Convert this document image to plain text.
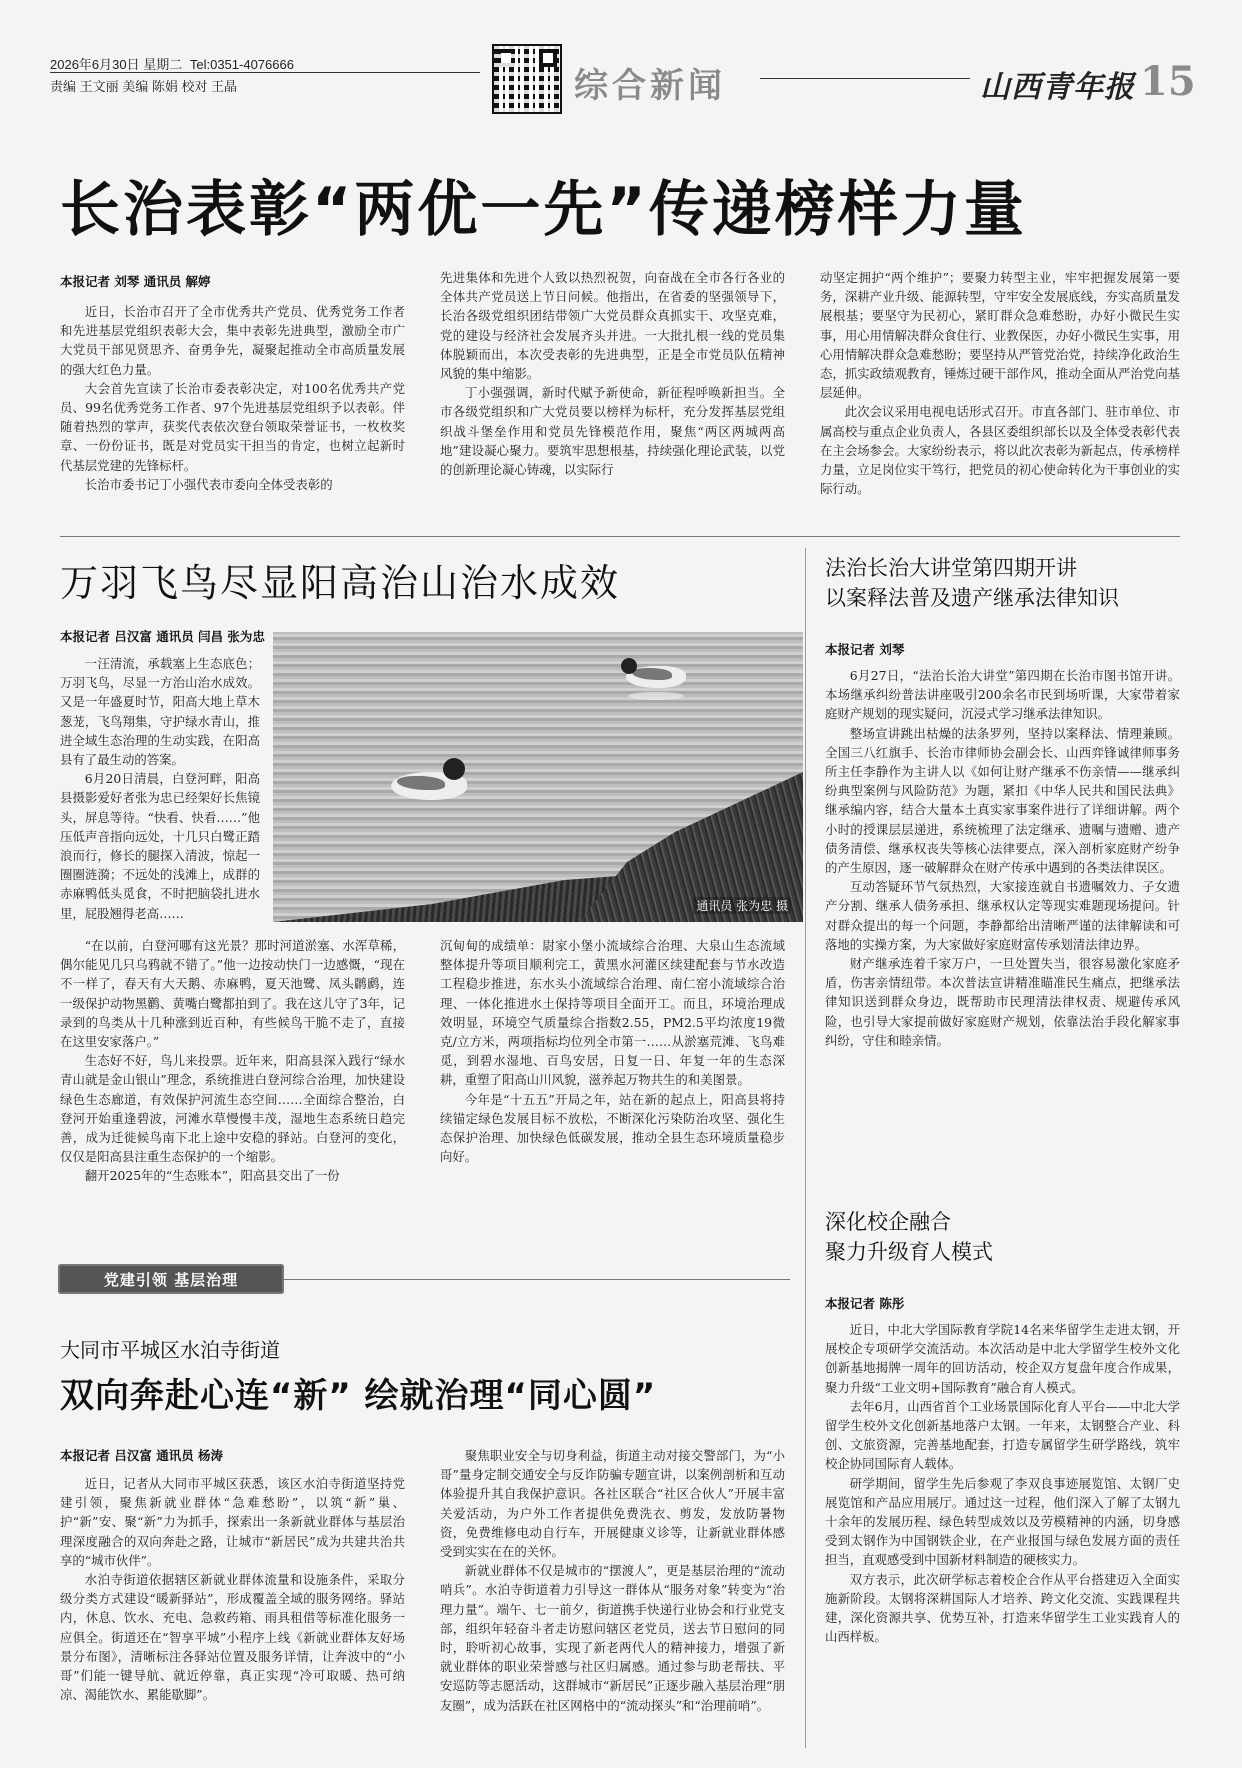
2026年6月30日 星期二 Tel:0351-4076666
责编 王文丽 美编 陈娟 校对 王晶	综合新闻	山西青年报 15
长治表彰“两优一先”传递榜样力量
本报记者 刘琴 通讯员 解婷

近日，长治市召开了全市优秀共产党员、优秀党务工作者和先进基层党组织表彰大会，集中表彰先进典型，激励全市广大党员干部见贤思齐、奋勇争先，凝聚起推动全市高质量发展的强大红色力量。

大会首先宣读了长治市委表彰决定，对100名优秀共产党员、99名优秀党务工作者、97个先进基层党组织予以表彰。伴随着热烈的掌声，获奖代表依次登台领取荣誉证书，一枚枚奖章、一份份证书，既是对党员实干担当的肯定，也树立起新时代基层党建的先锋标杆。

长治市委书记丁小强代表市委向全体受表彰的

先进集体和先进个人致以热烈祝贺，向奋战在全市各行各业的全体共产党员送上节日问候。他指出，在省委的坚强领导下，长治各级党组织团结带领广大党员群众真抓实干、攻坚克难，党的建设与经济社会发展齐头并进。一大批扎根一线的党员集体脱颖而出，本次受表彰的先进典型，正是全市党员队伍精神风貌的集中缩影。

丁小强强调，新时代赋予新使命，新征程呼唤新担当。全市各级党组织和广大党员要以榜样为标杆，充分发挥基层党组织战斗堡垒作用和党员先锋模范作用，聚焦“两区两城两高地”建设凝心聚力。要筑牢思想根基，持续强化理论武装，以党的创新理论凝心铸魂，以实际行

动坚定拥护“两个维护”；要聚力转型主业，牢牢把握发展第一要务，深耕产业升级、能源转型，守牢安全发展底线，夯实高质量发展根基；要坚守为民初心，紧盯群众急难愁盼，办好小微民生实事，用心用情解决群众食住行、业教保医，办好小微民生实事，用心用情解决群众急难愁盼；要坚持从严管党治党，持续净化政治生态，抓实政绩观教育，锤炼过硬干部作风，推动全面从严治党向基层延伸。

此次会议采用电视电话形式召开。市直各部门、驻市单位、市属高校与重点企业负责人，各县区委组织部长以及全体受表彰代表在主会场参会。大家纷纷表示，将以此次表彰为新起点，传承榜样力量，立足岗位实干笃行，把党员的初心使命转化为干事创业的实际行动。

万羽飞鸟尽显阳高治山治水成效
本报记者 吕汉富 通讯员 闫昌 张为忠

一汪清流，承载塞上生态底色；万羽飞鸟，尽显一方治山治水成效。又是一年盛夏时节，阳高大地上草木葱茏，飞鸟翔集，守护绿水青山，推进全域生态治理的生动实践，在阳高县有了最生动的答案。

6月20日清晨，白登河畔，阳高县摄影爱好者张为忠已经架好长焦镜头，屏息等待。“快看、快看……”他压低声音指向远处，十几只白鹭正踏浪而行，修长的腿探入清波，惊起一圈圈涟漪；不远处的浅滩上，成群的赤麻鸭低头觅食，不时把脑袋扎进水里，屁股翘得老高……	通讯员 张为忠 摄

“在以前，白登河哪有这光景？那时河道淤塞、水浑草稀，偶尔能见几只乌鸦就不错了。”他一边按动快门一边感慨，“现在不一样了，春天有大天鹅、赤麻鸭，夏天池鹭、凤头䴙䴘，连一级保护动物黑鹳、黄嘴白鹭都拍到了。我在这儿守了3年，记录到的鸟类从十几种涨到近百种，有些候鸟干脆不走了，直接在这里安家落户。”

生态好不好，鸟儿来投票。近年来，阳高县深入践行“绿水青山就是金山银山”理念，系统推进白登河综合治理，加快建设绿色生态廊道，有效保护河流生态空间……全面综合整治，白登河开始重逢碧波，河滩水草慢慢丰茂，湿地生态系统日趋完善，成为迁徙候鸟南下北上途中安稳的驿站。白登河的变化，仅仅是阳高县注重生态保护的一个缩影。

翻开2025年的“生态账本”，阳高县交出了一份

沉甸甸的成绩单：尉家小堡小流域综合治理、大泉山生态流域整体提升等项目顺利完工，黄黑水河灌区续建配套与节水改造工程稳步推进，东水头小流域综合治理、南仁窑小流域综合治理、一体化推进水土保持等项目全面开工。而且，环境治理成效明显，环境空气质量综合指数2.55，PM2.5平均浓度19微克/立方米，两项指标均位列全市第一……从淤塞荒滩、飞鸟难觅，到碧水湿地、百鸟安居，日复一日、年复一年的生态深耕，重塑了阳高山川风貌，滋养起万物共生的和美图景。

今年是“十五五”开局之年，站在新的起点上，阳高县将持续锚定绿色发展目标不放松，不断深化污染防治攻坚、强化生态保护治理、加快绿色低碳发展，推动全县生态环境质量稳步向好。

法治长治大讲堂第四期开讲
以案释法普及遗产继承法律知识
本报记者 刘琴

6月27日，“法治长治大讲堂”第四期在长治市图书馆开讲。本场继承纠纷普法讲座吸引200余名市民到场听课，大家带着家庭财产规划的现实疑问，沉浸式学习继承法律知识。

整场宣讲跳出枯燥的法条罗列，坚持以案释法、情理兼顾。全国三八红旗手、长治市律师协会副会长、山西弈锋诚律师事务所主任李静作为主讲人以《如何让财产继承不伤亲情——继承纠纷典型案例与风险防范》为题，紧扣《中华人民共和国民法典》继承编内容，结合大量本土真实家事案件进行了详细讲解。两个小时的授课层层递进，系统梳理了法定继承、遗嘱与遗赠、遗产债务清偿、继承权丧失等核心法律要点，深入剖析家庭财产纷争的产生原因，逐一破解群众在财产传承中遇到的各类法律误区。

互动答疑环节气氛热烈，大家接连就自书遗嘱效力、子女遗产分割、继承人债务承担、继承权认定等现实难题现场提问。针对群众提出的每一个问题，李静都给出清晰严谨的法律解读和可落地的实操方案，为大家做好家庭财富传承划清法律边界。

财产继承连着千家万户，一旦处置失当，很容易激化家庭矛盾，伤害亲情纽带。本次普法宣讲精准瞄准民生痛点，把继承法律知识送到群众身边，既帮助市民理清法律权责、规避传承风险，也引导大家提前做好家庭财产规划，依靠法治手段化解家事纠纷，守住和睦亲情。

深化校企融合
聚力升级育人模式
本报记者 陈彤

近日，中北大学国际教育学院14名来华留学生走进太钢，开展校企专项研学交流活动。本次活动是中北大学留学生校外文化创新基地揭牌一周年的回访活动，校企双方复盘年度合作成果，聚力升级“工业文明+国际教育”融合育人模式。

去年6月，山西省首个工业场景国际化育人平台——中北大学留学生校外文化创新基地落户太钢。一年来，太钢整合产业、科创、文旅资源，完善基地配套，打造专属留学生研学路线，筑牢校企协同国际育人载体。

研学期间，留学生先后参观了李双良事迹展览馆、太钢厂史展览馆和产品应用展厅。通过这一过程，他们深入了解了太钢九十余年的发展历程、绿色转型成效以及劳模精神的内涵，切身感受到太钢作为中国钢铁企业，在产业报国与绿色发展方面的责任担当，直观感受到中国新材料制造的硬核实力。

双方表示，此次研学标志着校企合作从平台搭建迈入全面实施新阶段。太钢将深耕国际人才培养、跨文化交流、实践课程共建，深化资源共享、优势互补，打造来华留学生工业实践育人的山西样板。

党建引领 基层治理
大同市平城区水泊寺街道
双向奔赴心连“新” 绘就治理“同心圆”
本报记者 吕汉富 通讯员 杨涛

近日，记者从大同市平城区获悉，该区水泊寺街道坚持党建引领，聚焦新就业群体“急难愁盼”，以筑“新”巢、护“新”安、聚“新”力为抓手，探索出一条新就业群体与基层治理深度融合的双向奔赴之路，让城市“新居民”成为共建共治共享的“城市伙伴”。

水泊寺街道依据辖区新就业群体流量和设施条件，采取分级分类方式建设“暖新驿站”，形成覆盖全域的服务网络。驿站内，休息、饮水、充电、急救药箱、雨具租借等标准化服务一应俱全。街道还在“智享平城”小程序上线《新就业群体友好场景分布图》，清晰标注各驿站位置及服务详情，让奔波中的“小哥”们能一键导航、就近停靠，真正实现“冷可取暖、热可纳凉、渴能饮水、累能歇脚”。

聚焦职业安全与切身利益，街道主动对接交警部门，为“小哥”量身定制交通安全与反诈防骗专题宣讲，以案例剖析和互动体验提升其自我保护意识。各社区联合“社区合伙人”开展丰富关爱活动，为户外工作者提供免费洗衣、剪发，发放防暑物资，免费维修电动自行车，开展健康义诊等，让新就业群体感受到实实在在的关怀。

新就业群体不仅是城市的“摆渡人”，更是基层治理的“流动哨兵”。水泊寺街道着力引导这一群体从“服务对象”转变为“治理力量”。端午、七一前夕，街道携手快递行业协会和行业党支部，组织年轻奋斗者走访慰问辖区老党员，送去节日慰问的同时，聆听初心故事，实现了新老两代人的精神接力，增强了新就业群体的职业荣誉感与社区归属感。通过参与助老帮扶、平安巡防等志愿活动，这群城市“新居民”正逐步融入基层治理“朋友圈”，成为活跃在社区网格中的“流动探头”和“治理前哨”。
